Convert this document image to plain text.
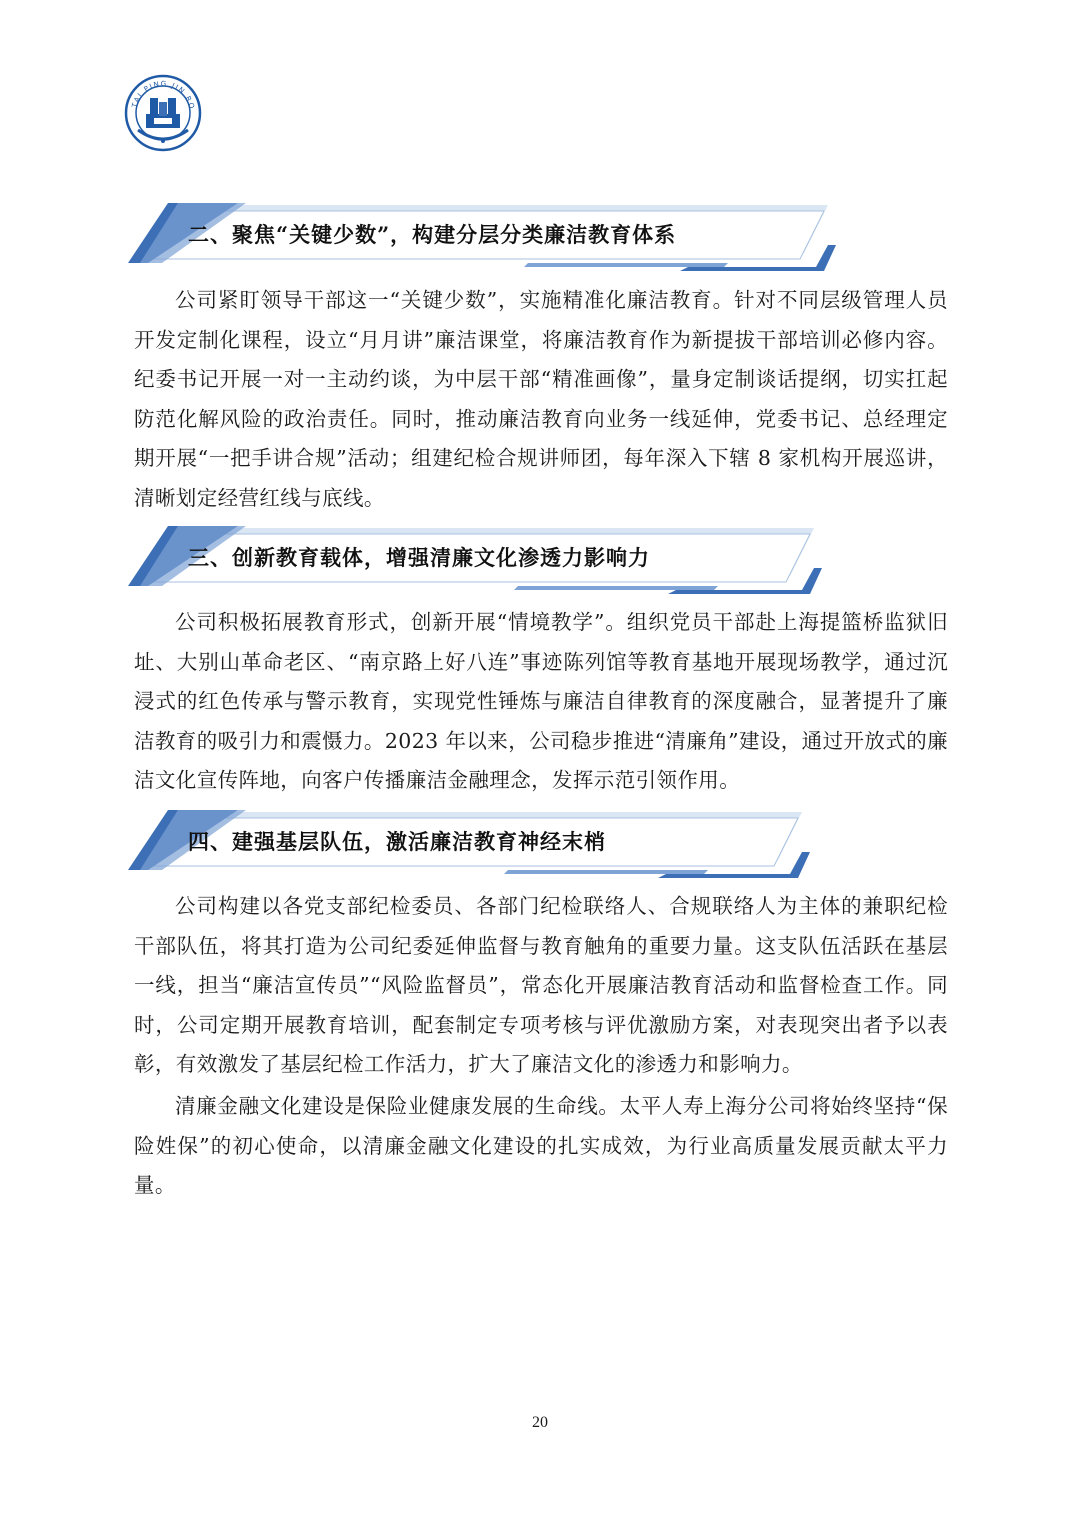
TAI PING JIN RO
二、聚焦“关键少数”，构建分层分类廉洁教育体系

公司紧盯领导干部这一“关键少数”，实施精准化廉洁教育。针对不同层级管理人员开发定制化课程，设立“月月讲”廉洁课堂，将廉洁教育作为新提拔干部培训必修内容。纪委书记开展一对一主动约谈，为中层干部“精准画像”，量身定制谈话提纲，切实扛起防范化解风险的政治责任。同时，推动廉洁教育向业务一线延伸，党委书记、总经理定期开展“一把手讲合规”活动；组建纪检合规讲师团，每年深入下辖 8 家机构开展巡讲，清晰划定经营红线与底线。

三、创新教育载体，增强清廉文化渗透力影响力

公司积极拓展教育形式，创新开展“情境教学”。组织党员干部赴上海提篮桥监狱旧址、大别山革命老区、“南京路上好八连”事迹陈列馆等教育基地开展现场教学，通过沉浸式的红色传承与警示教育，实现党性锤炼与廉洁自律教育的深度融合，显著提升了廉洁教育的吸引力和震慑力。2023 年以来，公司稳步推进“清廉角”建设，通过开放式的廉洁文化宣传阵地，向客户传播廉洁金融理念，发挥示范引领作用。

四、建强基层队伍，激活廉洁教育神经末梢

公司构建以各党支部纪检委员、各部门纪检联络人、合规联络人为主体的兼职纪检干部队伍，将其打造为公司纪委延伸监督与教育触角的重要力量。这支队伍活跃在基层一线，担当“廉洁宣传员”“风险监督员”，常态化开展廉洁教育活动和监督检查工作。同时，公司定期开展教育培训，配套制定专项考核与评优激励方案，对表现突出者予以表彰，有效激发了基层纪检工作活力，扩大了廉洁文化的渗透力和影响力。

清廉金融文化建设是保险业健康发展的生命线。太平人寿上海分公司将始终坚持“保险姓保”的初心使命，以清廉金融文化建设的扎实成效，为行业高质量发展贡献太平力量。

20
